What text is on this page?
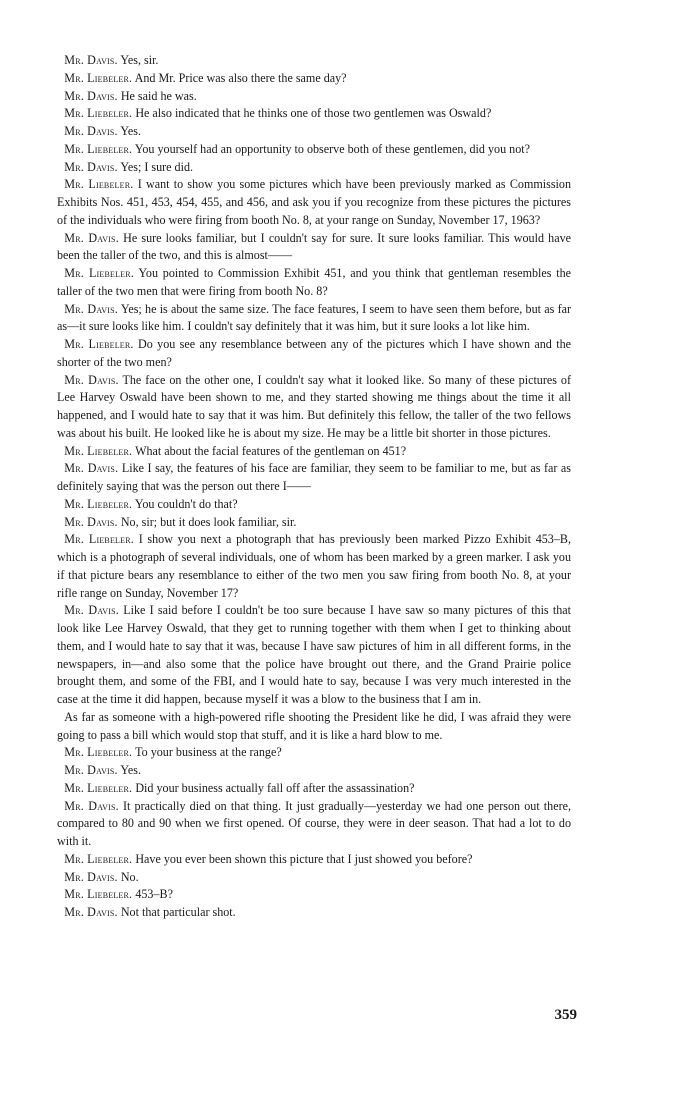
Mr. Davis. Yes, sir.

Mr. Liebeler. And Mr. Price was also there the same day?

Mr. Davis. He said he was.

Mr. Liebeler. He also indicated that he thinks one of those two gentlemen was Oswald?

Mr. Davis. Yes.

Mr. Liebeler. You yourself had an opportunity to observe both of these gentlemen, did you not?

Mr. Davis. Yes; I sure did.

Mr. Liebeler. I want to show you some pictures which have been previously marked as Commission Exhibits Nos. 451, 453, 454, 455, and 456, and ask you if you recognize from these pictures the pictures of the individuals who were firing from booth No. 8, at your range on Sunday, November 17, 1963?

Mr. Davis. He sure looks familiar, but I couldn't say for sure. It sure looks familiar. This would have been the taller of the two, and this is almost——

Mr. Liebeler. You pointed to Commission Exhibit 451, and you think that gentleman resembles the taller of the two men that were firing from booth No. 8?

Mr. Davis. Yes; he is about the same size. The face features, I seem to have seen them before, but as far as—it sure looks like him. I couldn't say definitely that it was him, but it sure looks a lot like him.

Mr. Liebeler. Do you see any resemblance between any of the pictures which I have shown and the shorter of the two men?

Mr. Davis. The face on the other one, I couldn't say what it looked like. So many of these pictures of Lee Harvey Oswald have been shown to me, and they started showing me things about the time it all happened, and I would hate to say that it was him. But definitely this fellow, the taller of the two fellows was about his built. He looked like he is about my size. He may be a little bit shorter in those pictures.

Mr. Liebeler. What about the facial features of the gentleman on 451?

Mr. Davis. Like I say, the features of his face are familiar, they seem to be familiar to me, but as far as definitely saying that was the person out there I——

Mr. Liebeler. You couldn't do that?

Mr. Davis. No, sir; but it does look familiar, sir.

Mr. Liebeler. I show you next a photograph that has previously been marked Pizzo Exhibit 453–B, which is a photograph of several individuals, one of whom has been marked by a green marker. I ask you if that picture bears any resemblance to either of the two men you saw firing from booth No. 8, at your rifle range on Sunday, November 17?

Mr. Davis. Like I said before I couldn't be too sure because I have saw so many pictures of this that look like Lee Harvey Oswald, that they get to running together with them when I get to thinking about them, and I would hate to say that it was, because I have saw pictures of him in all different forms, in the newspapers, in—and also some that the police have brought out there, and the Grand Prairie police brought them, and some of the FBI, and I would hate to say, because I was very much interested in the case at the time it did happen, because myself it was a blow to the business that I am in.

As far as someone with a high-powered rifle shooting the President like he did, I was afraid they were going to pass a bill which would stop that stuff, and it is like a hard blow to me.

Mr. Liebeler. To your business at the range?

Mr. Davis. Yes.

Mr. Liebeler. Did your business actually fall off after the assassination?

Mr. Davis. It practically died on that thing. It just gradually—yesterday we had one person out there, compared to 80 and 90 when we first opened. Of course, they were in deer season. That had a lot to do with it.

Mr. Liebeler. Have you ever been shown this picture that I just showed you before?

Mr. Davis. No.

Mr. Liebeler. 453–B?

Mr. Davis. Not that particular shot.

359
